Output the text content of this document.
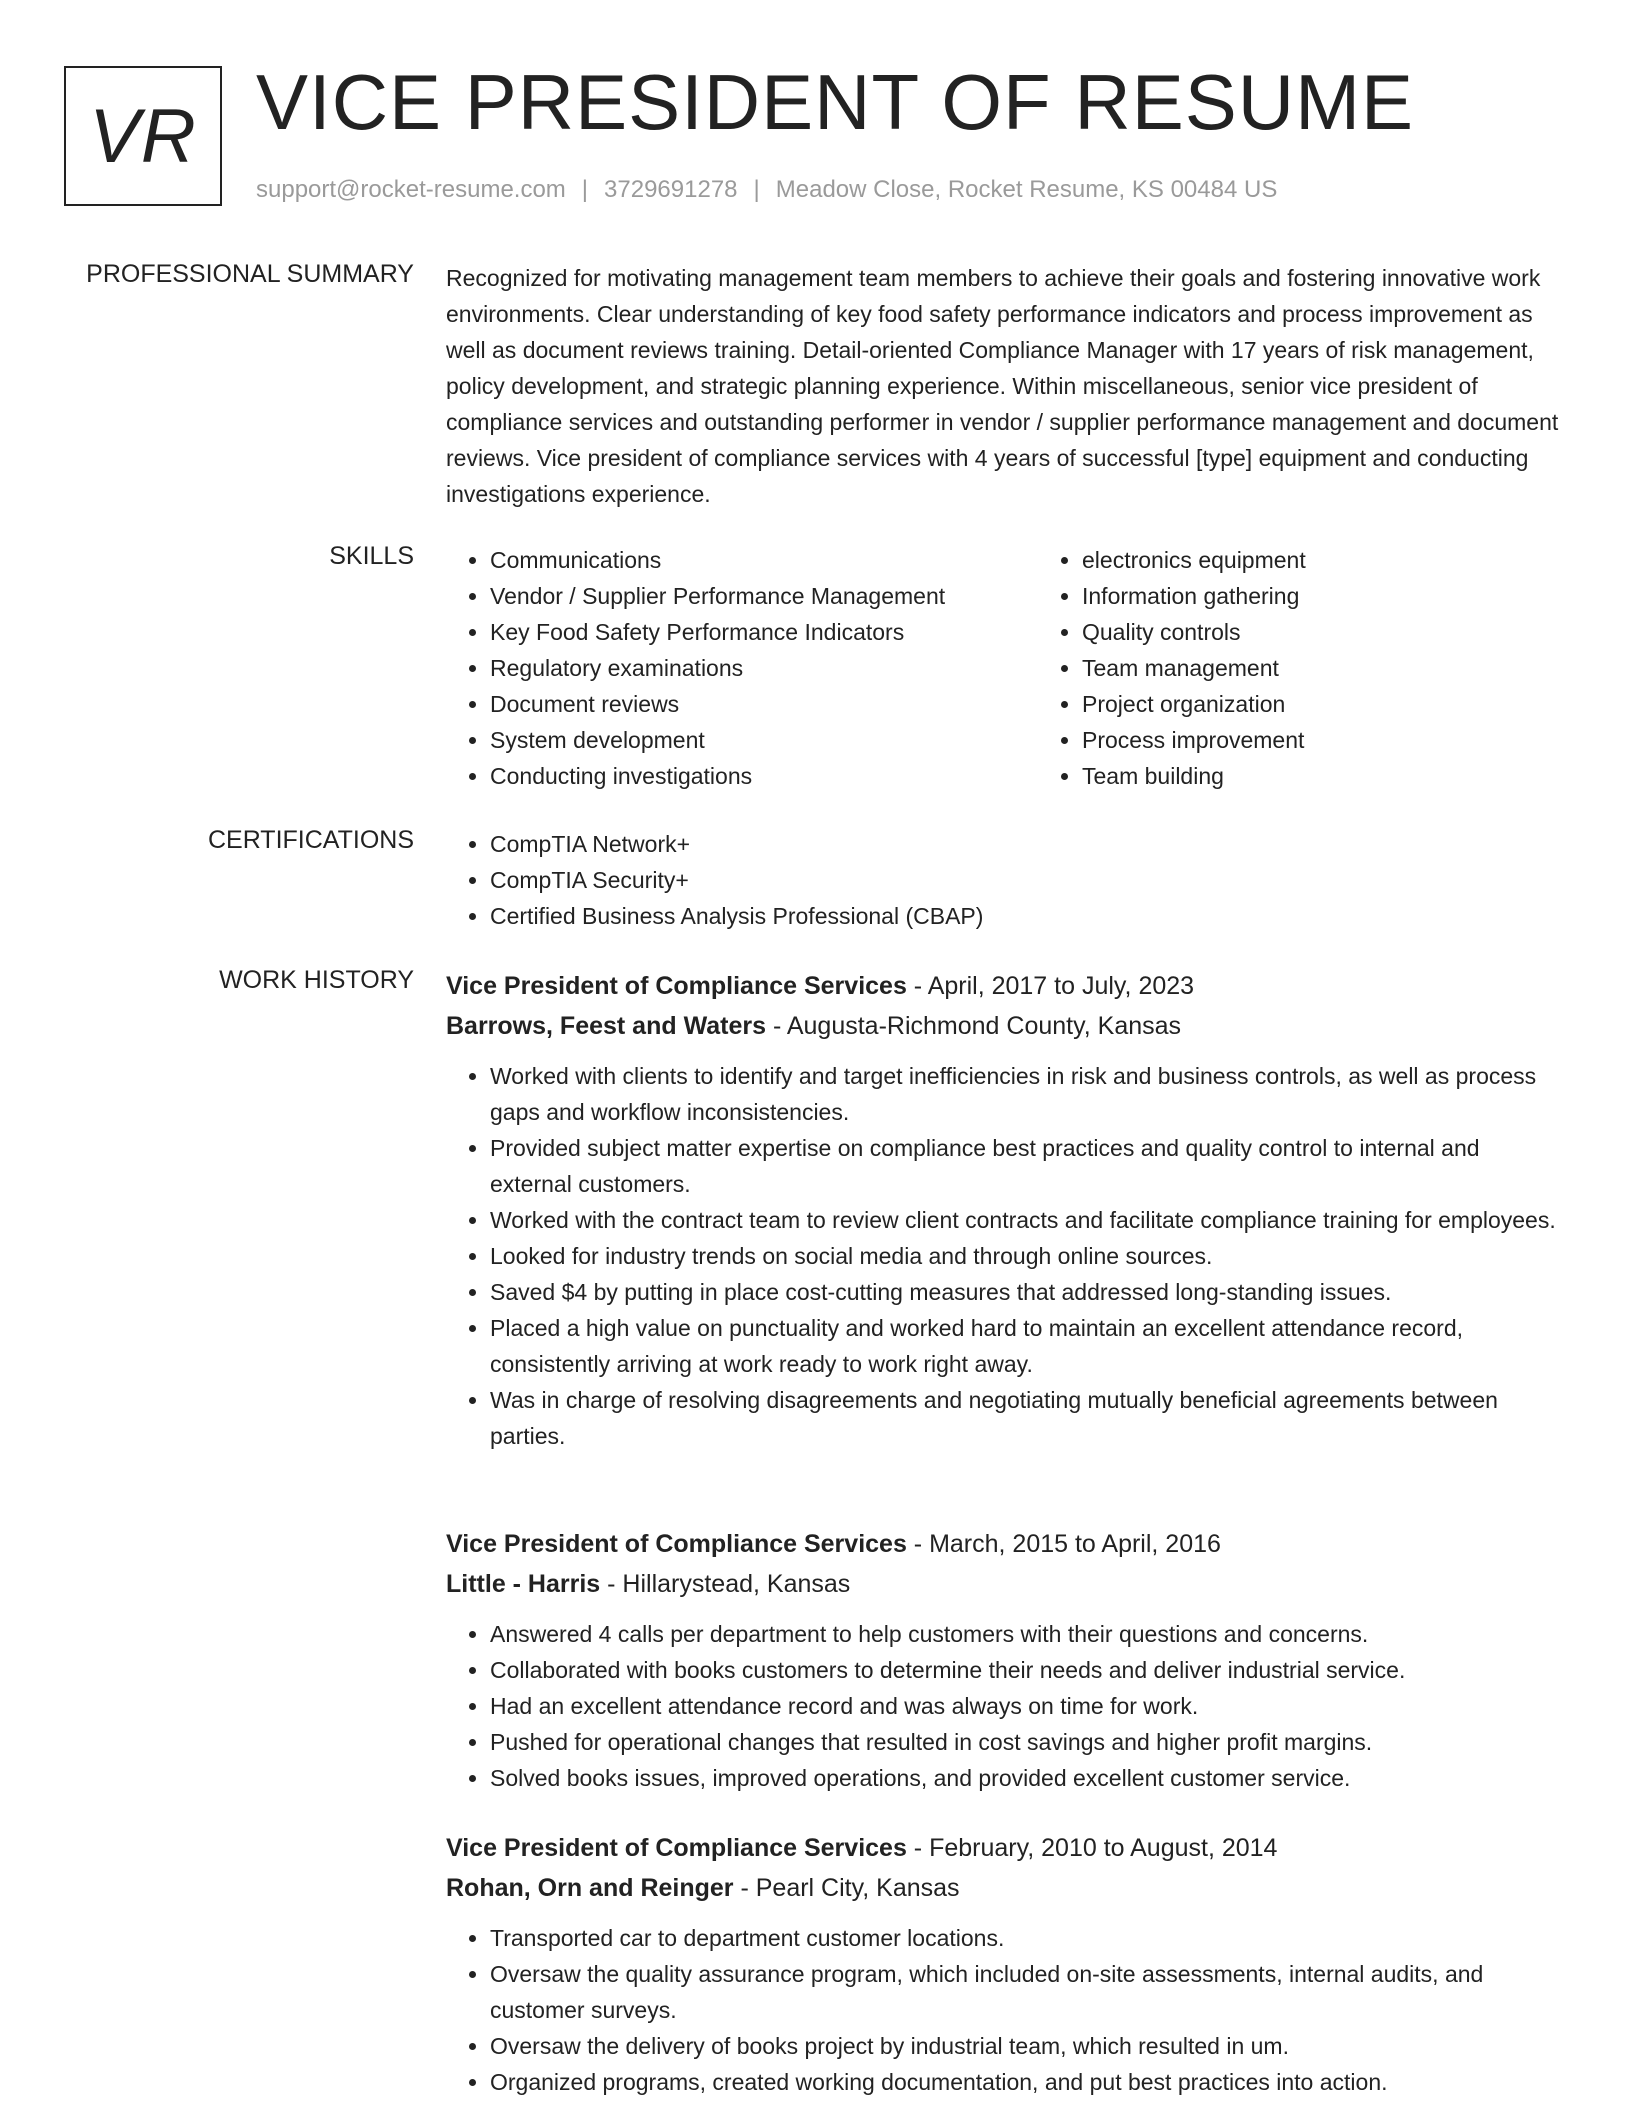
VR VICE PRESIDENT OF RESUME
support@rocket-resume.com | 3729691278 | Meadow Close, Rocket Resume, KS 00484 US
PROFESSIONAL SUMMARY Recognized for motivating management team members to achieve their goals and fostering innovative work environments. Clear understanding of key food safety performance indicators and process improvement as well as document reviews training. Detail-oriented Compliance Manager with 17 years of risk management, policy development, and strategic planning experience. Within miscellaneous, senior vice president of compliance services and outstanding performer in vendor / supplier performance management and document reviews. Vice president of compliance services with 4 years of successful [type] equipment and conducting investigations experience.
SKILLS	• Communications
• Vendor / Supplier Performance Management
• Key Food Safety Performance Indicators
• Regulatory examinations
• Document reviews
• System development
• Conducting investigations
• electronics equipment
• Information gathering
• Quality controls
• Team management
• Project organization
• Process improvement
• Team building
CERTIFICATIONS	• CompTIA Network+
• CompTIA Security+
• Certified Business Analysis Professional (CBAP)
WORK HISTORY Vice President of Compliance Services - April, 2017 to July, 2023
Barrows, Feest and Waters - Augusta-Richmond County, Kansas
• Worked with clients to identify and target inefficiencies in risk and business controls, as well as process gaps and workflow inconsistencies.
• Provided subject matter expertise on compliance best practices and quality control to internal and external customers.
• Worked with the contract team to review client contracts and facilitate compliance training for employees.
• Looked for industry trends on social media and through online sources.
• Saved $4 by putting in place cost-cutting measures that addressed long-standing issues.
• Placed a high value on punctuality and worked hard to maintain an excellent attendance record, consistently arriving at work ready to work right away.
• Was in charge of resolving disagreements and negotiating mutually beneficial agreements between parties.
Vice President of Compliance Services - March, 2015 to April, 2016
Little - Harris - Hillarystead, Kansas
• Answered 4 calls per department to help customers with their questions and concerns.
• Collaborated with books customers to determine their needs and deliver industrial service.
• Had an excellent attendance record and was always on time for work.
• Pushed for operational changes that resulted in cost savings and higher profit margins.
• Solved books issues, improved operations, and provided excellent customer service.
Vice President of Compliance Services - February, 2010 to August, 2014
Rohan, Orn and Reinger - Pearl City, Kansas
• Transported car to department customer locations.
• Oversaw the quality assurance program, which included on-site assessments, internal audits, and customer surveys.
• Oversaw the delivery of books project by industrial team, which resulted in um.
• Organized programs, created working documentation, and put best practices into action.
